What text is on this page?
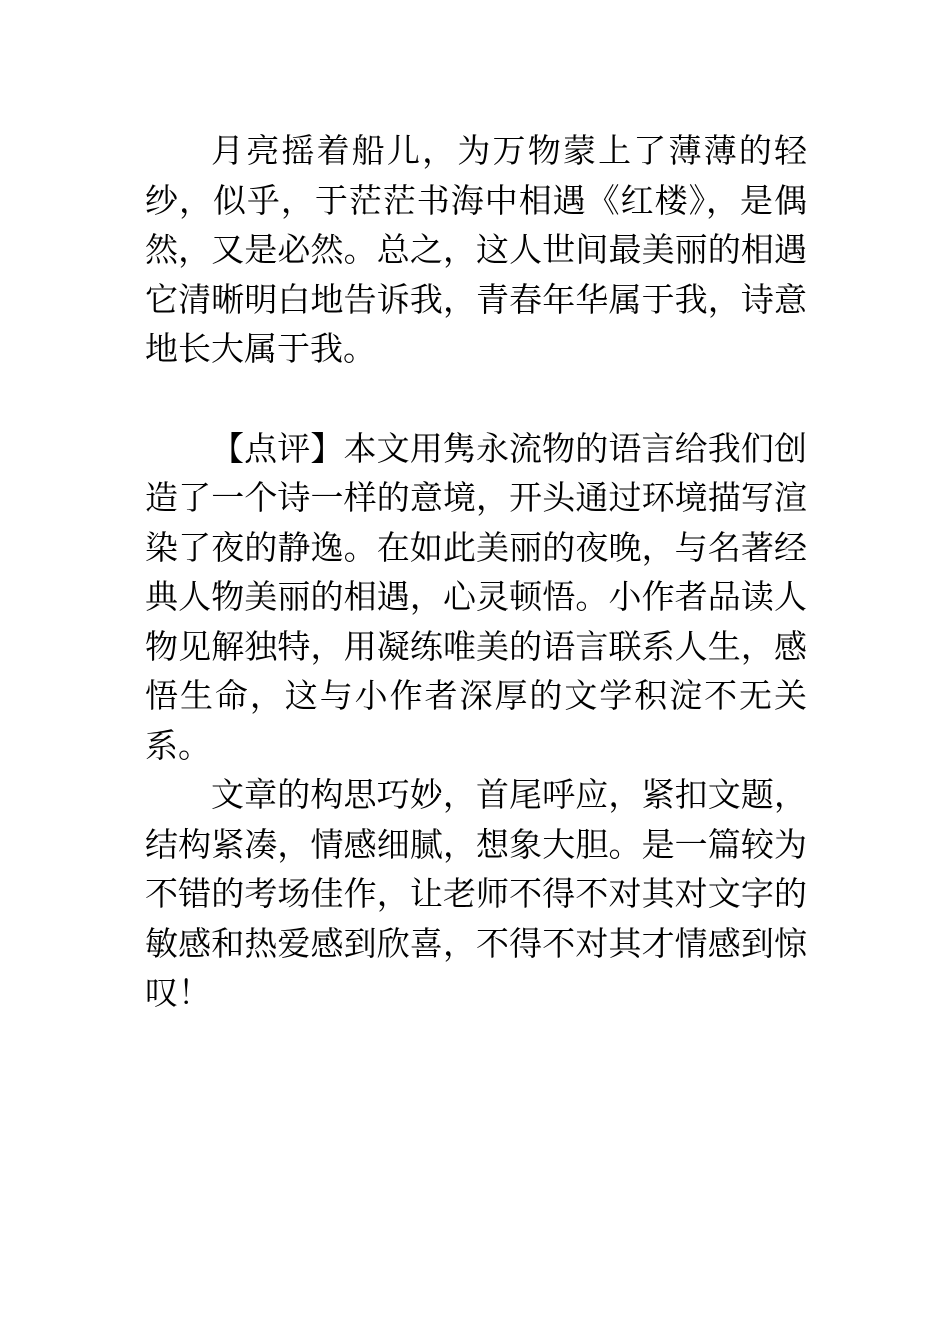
月亮摇着船儿，为万物蒙上了薄薄的轻纱，似乎，于茫茫书海中相遇《红楼》，是偶然，又是必然。总之，这人世间最美丽的相遇它清晰明白地告诉我，青春年华属于我，诗意地长大属于我。

【点评】本文用隽永流物的语言给我们创造了一个诗一样的意境，开头通过环境描写渲染了夜的静逸。在如此美丽的夜晚，与名著经典人物美丽的相遇，心灵顿悟。小作者品读人物见解独特，用凝练唯美的语言联系人生，感悟生命，这与小作者深厚的文学积淀不无关系。

文章的构思巧妙，首尾呼应，紧扣文题，结构紧凑，情感细腻，想象大胆。是一篇较为不错的考场佳作，让老师不得不对其对文字的敏感和热爱感到欣喜，不得不对其才情感到惊叹！
